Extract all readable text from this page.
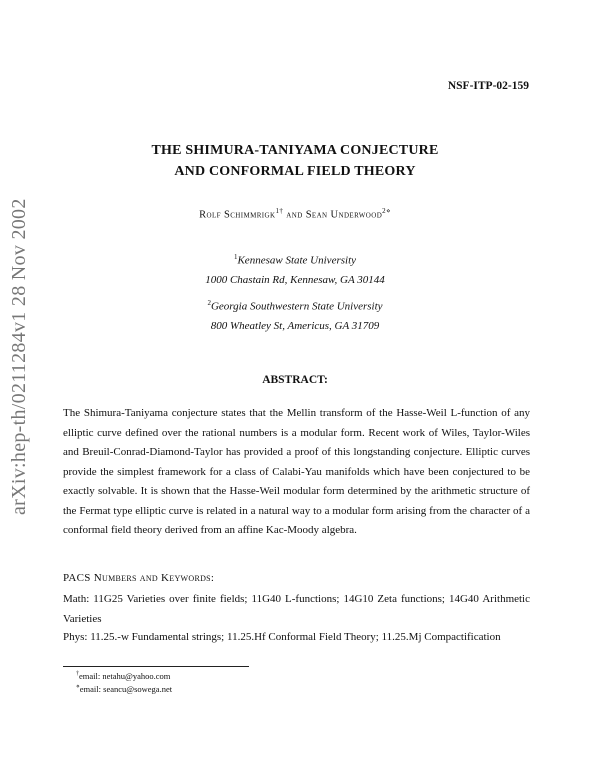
arXiv:hep-th/0211284v1 28 Nov 2002
NSF-ITP-02-159
THE SHIMURA-TANIYAMA CONJECTURE
AND CONFORMAL FIELD THEORY
Rolf Schimmrigk$^{1\dagger}$ and Sean Underwood$^{2⋄}$
$^1$Kennesaw State University
1000 Chastain Rd, Kennesaw, GA 30144
$^2$Georgia Southwestern State University
800 Wheatley St, Americus, GA 31709
ABSTRACT:
The Shimura-Taniyama conjecture states that the Mellin transform of the Hasse-Weil L-function of any elliptic curve defined over the rational numbers is a modular form. Recent work of Wiles, Taylor-Wiles and Breuil-Conrad-Diamond-Taylor has provided a proof of this longstanding conjecture. Elliptic curves provide the simplest framework for a class of Calabi-Yau manifolds which have been conjectured to be exactly solvable. It is shown that the Hasse-Weil modular form determined by the arithmetic structure of the Fermat type elliptic curve is related in a natural way to a modular form arising from the character of a conformal field theory derived from an affine Kac-Moody algebra.
PACS Numbers and Keywords:
Math: 11G25 Varieties over finite fields; 11G40 L-functions; 14G10 Zeta functions; 14G40 Arithmetic Varieties
Phys: 11.25.-w Fundamental strings; 11.25.Hf Conformal Field Theory; 11.25.Mj Compactification
†email: netahu@yahoo.com
⋄email: seancu@sowega.net
